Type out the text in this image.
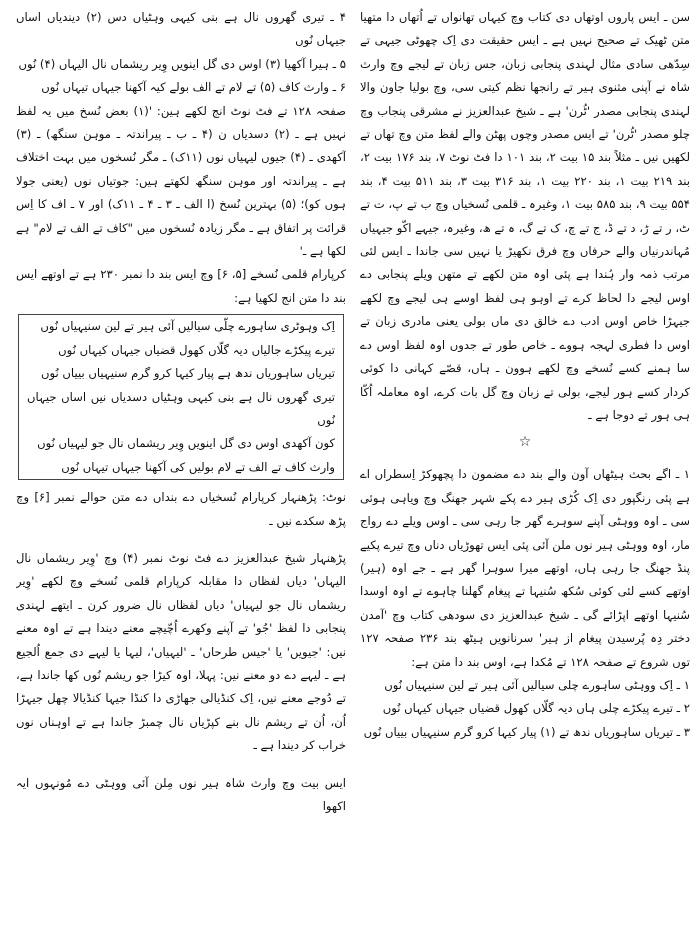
سن ـ ایس پاروں اوتھاں دی کتاب وچ کیہاں تھانواں تے اُتھاں دا متھیا متن ٹھیک تے صحیح نہیں ہے ـ ایس حقیقت دی اِک چھوٹی جیہی تے سِدّھی سادی مثال لہندی پنجابی زبان، جس زبان تے لیجے وچ وارث شاہ نے آپنی مثنوی ہیر تے رانجھا نظم کیتی سی، وچ بولیا جاون والا لہندی پنجابی مصدر 'ٹُرن' ہے ـ شیخ عبدالعزیز نے مشرقی پنجاب وچ چلو مصدر 'ٹُرن' تے ایس مصدر وچوں پھٹن والے لفظ متن وچ تھاں تے لکھیں نیں ـ مثلاً بند ۱۵ بیت ۲، بند ۱۰۱ دا فٹ نوٹ ۷، بند ۱۷۶ بیت ۲، بند ۲۱۹ بیت ۱، بند ۲۲۰ بیت ۱، بند ۳۱۶ بیت ۳، بند ۵۱۱ بیت ۴، بند ۵۵۴ بیت ۹، بند ۵۸۵ بیت ۱، وغیرہ ـ قلمی نُسخیاں وچ ب تے پ، ت تے ٹ، ر تے ڑ، د تے ڈ، ج تے چ، ک تے گ، ہ تے ھ، وغیرہ، جیہے اکّو جیہیاں مُہاندرنیاں والے حرفاں وچ فرق نکھیڑ یا نہیں سی جاندا ـ ایس لئی مرتب ذمہ وار ہُندا ہے پئی اوہ متن لکھے تے متھن ویلے پنجابی دے اوس لیجے دا لحاظ کرے تے اوہو ہی لفظ اوسے ہی لیجے وچ لکھے جیہڑا خاص اوس ادب دے خالق دی ماں بولی یعنی مادری زبان تے اوس دا فطری لہجہ ہووے ـ خاص طور تے جدوں اوہ لفظ اوس دے سا ہمنے کسے نُسخے وچ لکھے ہوون ـ ہاں، قصّے کہانی دا کوئی کردار کسے ہور لیجے، بولی تے زبان وچ گل بات کرے، اوہ معاملہ اُکّا ہی ہور تے دوجا ہے ـ

☆

۱ ـ اگے بحث ہیٹھاں آون والے بند دے مضمون دا پچھوکڑ اِسطراں اے ہے پئی رنگپور دی اِک کُڑی ہیر دے پکے شہر جھنگ وچ ویاہی ہوئی سی ـ اوہ ووہٹی آپنے سوہرے گھر جا رہی سی ـ اوس ویلے دے رواج مار، اوہ ووہٹی ہیر نوں ملن آئی پئی ایس تھوڑیاں دناں وچ تیرے پکیے پنڈ جھنگ جا رہی ہاں، اوتھے میرا سوہرا گھر ہے ـ جے اوہ (ہیر) اوتھے کسے لئی کوئی سُکھ سُنیہا تے پیغام گھلنا چاہوے تے اوہ اوسدا سُنیہا اوتھے اپڑائے گی ـ شیخ عبدالعزیز دی سودھی کتاب وچ 'آمدن دختر دِہ پُرسیدن پیغام از ہیر' سرنانویں ہیٹھ بند ۲۳۶ صفحہ ۱۲۷ توں شروع تے صفحہ ۱۲۸ تے مُکدا ہے، اوس بند دا متن ہے:

۱ ـ اِک ووہٹی ساہورے چلی سیالیں آئی ہیر تے لین سنیہیاں نُوں

۲ ـ تیرے پیکڑے چلی ہاں دیہ گلّاں کھول قضیاں جیہاں کیہاں نُوں

۳ ـ تیریاں ساہوریاں ندھ تے (۱) پیار کیہا کرو گرم سنیہیاں بییاں نُوں

۴ ـ تیری گھروں نال ہے بنی کیہی وہٹیاں دس (۲) دیندیاں اساں جیہاں نُوں

۵ ـ ہیرا آکھیا (۳) اوس دی گل اینویں وِیر ریشماں نال الیہاں (۴) نُوں

۶ ـ وارث کاف (۵) تے لام تے الف بولے کیہ آکھنا جیہاں تیہاں نُوں

صفحہ ۱۲۸ تے فٹ نوٹ انج لکھے ہین: '(۱) بعض نُسخ میں یہ لفظ نہیں ہے ـ (۲) دسدیاں ن (۴ ـ ب ـ پیراندتہ ـ موہن سنگھ) ـ (۳) آکھدی ـ (۴) جیوں لیہیاں نوں (۱۱ک) ـ مگر نُسخوں میں بہت اختلاف ہے ـ پیراندتہ اور موہن سنگھ لکھتے ہیں: جوتیاں نوں (یعنی جولا ہوں کو)؛ (۵) بہترین نُسخ (ا الف ـ ۳ ـ ۴ ـ ۱۱ک) اور ۷ ـ اف کا اِس قرائت پر اتفاق ہے ـ مگر زیادہ نُسخوں میں "کاف تے الف تے لام" ہے لکھا ہے ـ'

کرپارام قلمی نُسخے [۵، ۶] وچ ایس بند دا نمبر ۲۳۰ ہے تے اوتھے ایس بند دا متن انج لکھیا ہے:

اِک وہوٹری ساہورے چلّی سیالیں آئی ہیر تے لین سنیہیاں نُوں

تیرے پیکڑے جالیاں دیہ گلّاں کھول قضیاں جیہاں کیہاں نُوں

تیریاں ساہوریاں ندھ ہے پیار کیہا کرو گرم سنیہیاں بییاں نُوں

تیری گھروں نال ہے بنی کیہی وہٹیاں دسدیاں نیں اساں جیہاں نُوں

کون آکھدی اوس دی گل اینویں وِیر ریشماں نال جو لیہیاں نُوں

وارث کاف تے الف تے لام بولیں کی آکھنا جیہاں تیہاں نُوں

نوٹ: پڑھنہار کرپارام نُسخیاں دے بنداں دے متن حوالے نمبر [۶] وچ پڑھ سکدے نیں ـ

پڑھنہار شیخ عبدالعزیز دے فٹ نوٹ نمبر (۴) وچ 'وِیر ریشماں نال الیہاں' دیاں لفظاں دا مقابلہ کرپارام قلمی نُسخے وچ لکھے 'وِیر ریشماں نال جو لیہیاں' دیاں لفظاں نال ضرور کرن ـ ایتھے لہندی پنجابی دا لفظ 'جُو' تے آپنے وکھرے اُچّیچے معنے دیندا ہے تے اوہ معنے نیں: 'جیویں' یا 'جیس طرحاں' ـ 'لیہیاں'، لیہا یا لیہے دی جمع اُلجیع ہے ـ لیہے دے دو معنے نیں: پہلا، اوہ کیڑا جو ریشم نُوں کھا جاندا ہے، تے دُوجے معنے نیں، اِک کنڈیالی جھاڑی دا کنڈا جیہا کنڈیالا چھل جیہڑا اُن، اُن تے ریشم نال بنے کپڑیاں نال چمبڑ جاندا ہے تے اوہناں نوں خراب کر دیندا ہے ـ

ایس بیت وچ وارث شاہ ہیر نوں مِلن آئی ووہٹی دے مُونہوں ایہ اکھوا
